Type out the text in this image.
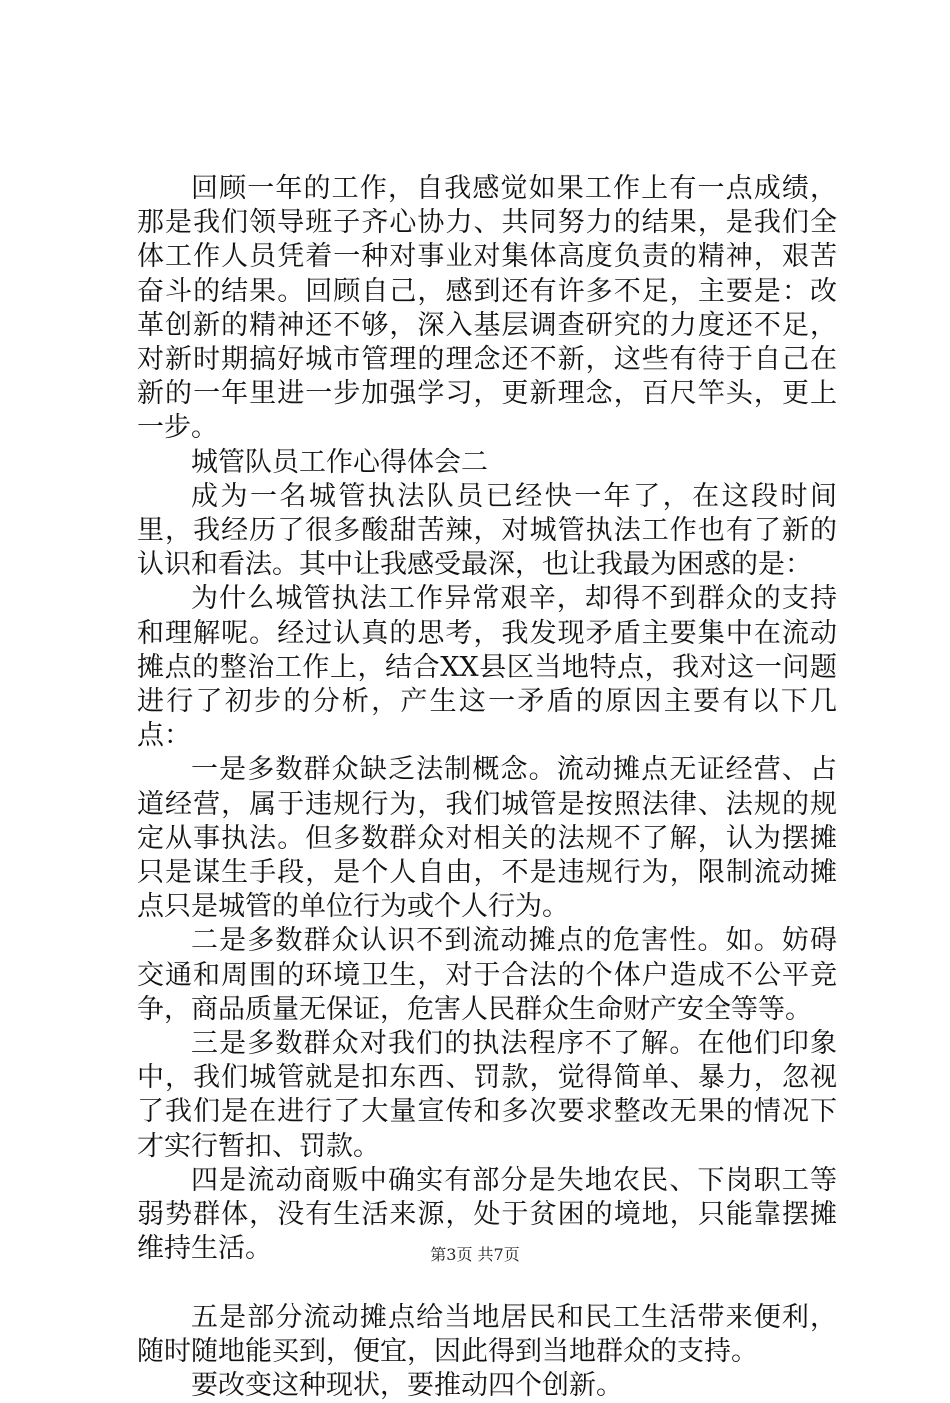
回顾一年的工作，自我感觉如果工作上有一点成绩，那是我们领导班子齐心协力、共同努力的结果，是我们全体工作人员凭着一种对事业对集体高度负责的精神，艰苦奋斗的结果。回顾自己，感到还有许多不足，主要是：改革创新的精神还不够，深入基层调查研究的力度还不足，对新时期搞好城市管理的理念还不新，这些有待于自己在新的一年里进一步加强学习，更新理念，百尺竿头，更上一步。

城管队员工作心得体会二

成为一名城管执法队员已经快一年了，在这段时间里，我经历了很多酸甜苦辣，对城管执法工作也有了新的认识和看法。其中让我感受最深，也让我最为困惑的是：

为什么城管执法工作异常艰辛，却得不到群众的支持和理解呢。经过认真的思考，我发现矛盾主要集中在流动摊点的整治工作上，结合XX县区当地特点，我对这一问题进行了初步的分析，产生这一矛盾的原因主要有以下几点：

一是多数群众缺乏法制概念。流动摊点无证经营、占道经营，属于违规行为，我们城管是按照法律、法规的规定从事执法。但多数群众对相关的法规不了解，认为摆摊只是谋生手段，是个人自由，不是违规行为，限制流动摊点只是城管的单位行为或个人行为。

二是多数群众认识不到流动摊点的危害性。如。妨碍交通和周围的环境卫生，对于合法的个体户造成不公平竞争，商品质量无保证，危害人民群众生命财产安全等等。

三是多数群众对我们的执法程序不了解。在他们印象中，我们城管就是扣东西、罚款，觉得简单、暴力，忽视了我们是在进行了大量宣传和多次要求整改无果的情况下才实行暂扣、罚款。

四是流动商贩中确实有部分是失地农民、下岗职工等弱势群体，没有生活来源，处于贫困的境地，只能靠摆摊维持生活。

五是部分流动摊点给当地居民和民工生活带来便利，随时随地能买到，便宜，因此得到当地群众的支持。

要改变这种现状，要推动四个创新。

第3页 共7页
